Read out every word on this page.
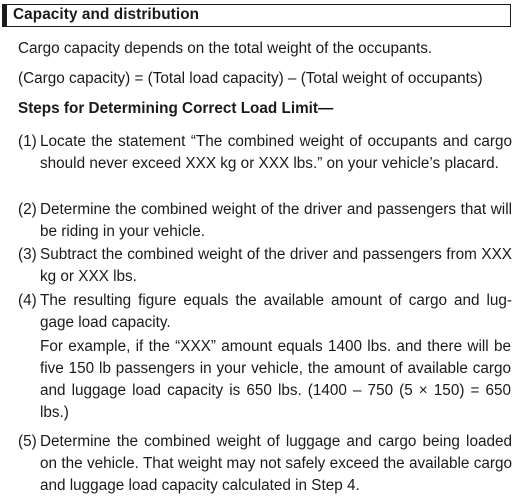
Capacity and distribution

Cargo capacity depends on the total weight of the occupants.

(Cargo capacity) = (Total load capacity) – (Total weight of occupants)

Steps for Determining Correct Load Limit—

(1) Locate the statement “The combined weight of occupants and cargo should never exceed XXX kg or XXX lbs.” on your vehicle’s placard.
(2) Determine the combined weight of the driver and passengers that will be riding in your vehicle.
(3) Subtract the combined weight of the driver and passengers from XXX kg or XXX lbs.
(4) The resulting figure equals the available amount of cargo and lug-gage load capacity.
For example, if the “XXX” amount equals 1400 lbs. and there will be five 150 lb passengers in your vehicle, the amount of available cargo and luggage load capacity is 650 lbs. (1400 – 750 (5 × 150) = 650 lbs.)
(5) Determine the combined weight of luggage and cargo being loaded on the vehicle. That weight may not safely exceed the available cargo and luggage load capacity calculated in Step 4.
